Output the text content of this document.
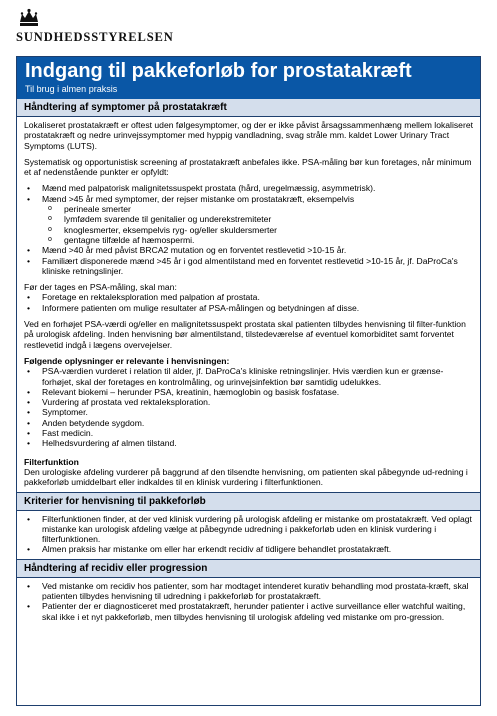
SUNDHEDSSTYRELSEN
Indgang til pakkeforløb for prostatakræft
Til brug i almen praksis
Håndtering af symptomer på prostatakræft

Lokaliseret prostatakræft er oftest uden følgesymptomer, og der er ikke påvist årsagssammenhæng mellem lokaliseret prostatakræft og nedre urinvejssymptomer med hyppig vandladning, svag stråle mm. kaldet Lower Urinary Tract Symptoms (LUTS).

Systematisk og opportunistisk screening af prostatakræft anbefales ikke. PSA-måling bør kun foretages, når minimum et af nedenstående punkter er opfyldt:

• Mænd med palpatorisk malignitetssuspekt prostata (hård, uregelmæssig, asymmetrisk).
• Mænd >45 år med symptomer, der rejser mistanke om prostatakræft, eksempelvis
o perineale smerter
o lymfødem svarende til genitalier og underekstremiteter
o knoglesmerter, eksempelvis ryg- og/eller skuldersmerter
o gentagne tilfælde af hæmospermi.
• Mænd >40 år med påvist BRCA2 mutation og en forventet restlevetid >10-15 år.
• Familiært disponerede mænd >45 år i god almentilstand med en forventet restlevetid >10-15 år, jf. DaProCa's kliniske retningslinjer.

Før der tages en PSA-måling, skal man:

• Foretage en rektaleksploration med palpation af prostata.
• Informere patienten om mulige resultater af PSA-målingen og betydningen af disse.

Ved en forhøjet PSA-værdi og/eller en malignitetssuspekt prostata skal patienten tilbydes henvisning til filter-funktion på urologisk afdeling. Inden henvisning bør almentilstand, tilstedeværelse af eventuel komorbiditet samt forventet restlevetid indgå i lægens overvejelser.

Følgende oplysninger er relevante i henvisningen:

• PSA-værdien vurderet i relation til alder, jf. DaProCa's kliniske retningslinjer. Hvis værdien kun er grænse-forhøjet, skal der foretages en kontrolmåling, og urinvejsinfektion bør samtidig udelukkes.
• Relevant biokemi – herunder PSA, kreatinin, hæmoglobin og basisk fosfatase.
• Vurdering af prostata ved rektaleksploration.
• Symptomer.
• Anden betydende sygdom.
• Fast medicin.
• Helhedsvurdering af almen tilstand.

Filterfunktion

Den urologiske afdeling vurderer på baggrund af den tilsendte henvisning, om patienten skal påbegynde ud-redning i pakkeforløb umiddelbart eller indkaldes til en klinisk vurdering i filterfunktionen.

Kriterier for henvisning til pakkeforløb
• Filterfunktionen finder, at der ved klinisk vurdering på urologisk afdeling er mistanke om prostatakræft. Ved oplagt mistanke kan urologisk afdeling vælge at påbegynde udredning i pakkeforløb uden en klinisk vurdering i filterfunktionen.
• Almen praksis har mistanke om eller har erkendt recidiv af tidligere behandlet prostatakræft.
Håndtering af recidiv eller progression
• Ved mistanke om recidiv hos patienter, som har modtaget intenderet kurativ behandling mod prostata-kræft, skal patienten tilbydes henvisning til udredning i pakkeforløb for prostatakræft.
• Patienter der er diagnosticeret med prostatakræft, herunder patienter i active surveillance eller watchful waiting, skal ikke i et nyt pakkeforløb, men tilbydes henvisning til urologisk afdeling ved mistanke om pro-gression.
